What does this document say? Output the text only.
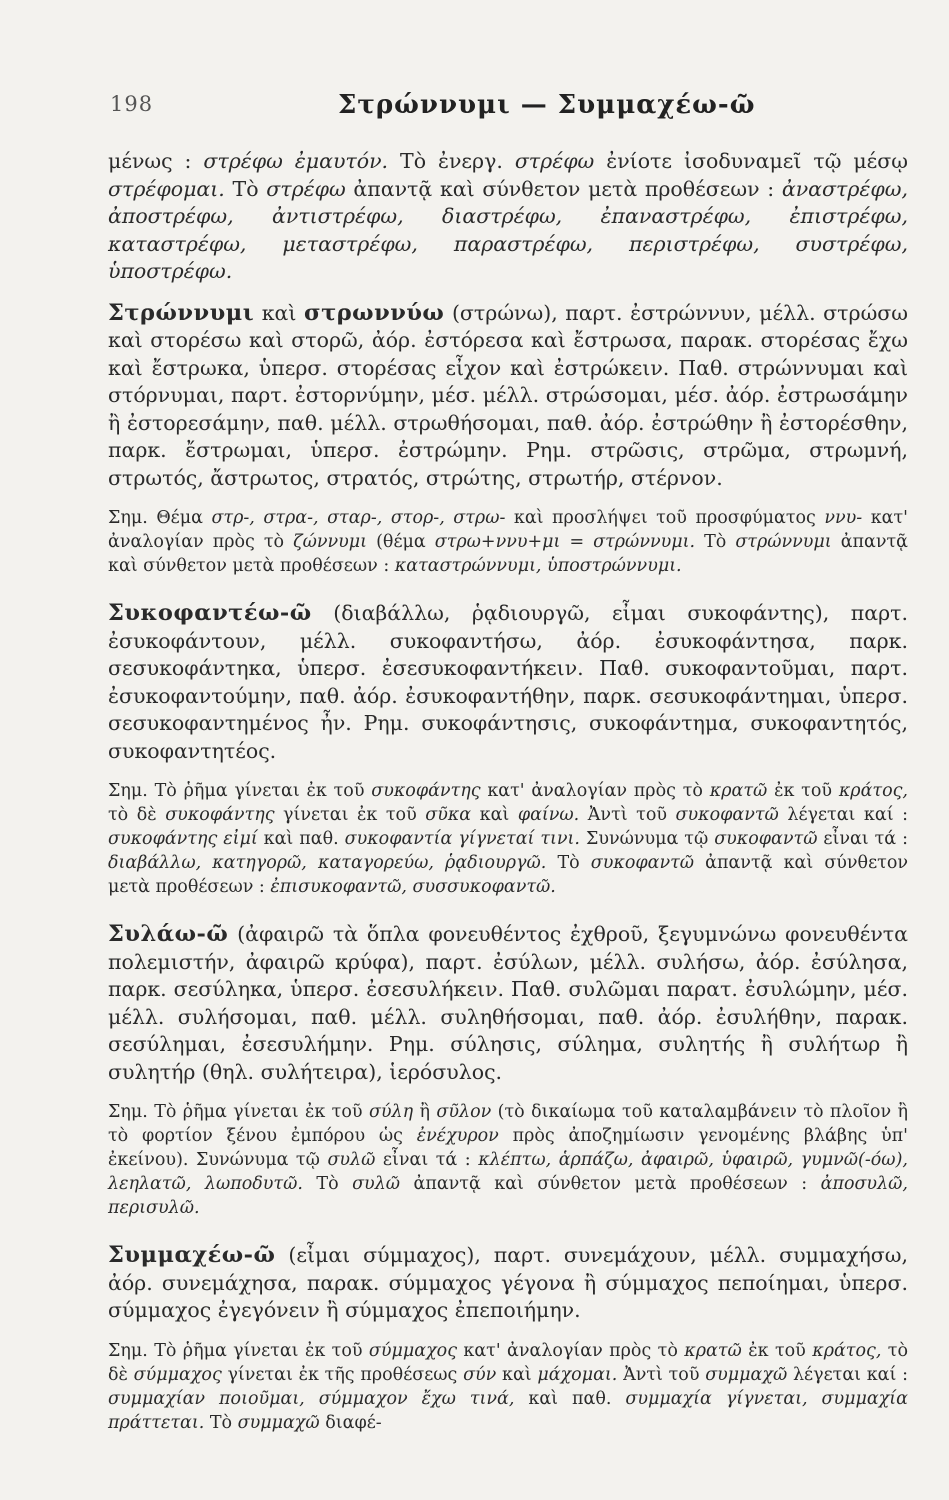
198	Στρώννυμι — Συμμαχέω-ῶ

μένως : στρέφω ἐμαυτόν. Τὸ ἐνεργ. στρέφω ἐνίοτε ἰσοδυναμεῖ τῷ μέσῳ στρέφομαι. Τὸ στρέφω ἀπαντᾷ καὶ σύνθετον μετὰ προθέσεων : ἀναστρέφω, ἀποστρέφω, ἀντιστρέφω, διαστρέφω, ἐπαναστρέφω, ἐπιστρέφω, καταστρέφω, μεταστρέφω, παραστρέφω, περιστρέφω, συστρέφω, ὑποστρέφω.

Στρώννυμι καὶ στρωννύω (στρώνω), παρτ. ἐστρώννυν, μέλλ. στρώσω καὶ στορέσω καὶ στορῶ, ἀόρ. ἐστόρεσα καὶ ἔστρωσα, παρακ. στορέσας ἔχω καὶ ἔστρωκα, ὑπερσ. στορέσας εἶχον καὶ ἐστρώκειν. Παθ. στρώννυμαι καὶ στόρνυμαι, παρτ. ἐστορνύμην, μέσ. μέλλ. στρώσομαι, μέσ. ἀόρ. ἐστρωσάμην ἢ ἐστορεσάμην, παθ. μέλλ. στρωθήσομαι, παθ. ἀόρ. ἐστρώθην ἢ ἐστορέσθην, παρκ. ἔστρωμαι, ὑπερσ. ἐστρώμην. Ρημ. στρῶσις, στρῶμα, στρωμνή, στρωτός, ἄστρωτος, στρατός, στρώτης, στρωτήρ, στέρνον.

Σημ. Θέμα στρ-, στρα-, σταρ-, στορ-, στρω- καὶ προσλήψει τοῦ προσφύματος ννυ- κατ' ἀναλογίαν πρὸς τὸ ζώννυμι (θέμα στρω+ννυ+μι = στρώννυμι. Τὸ στρώννυμι ἀπαντᾷ καὶ σύνθετον μετὰ προθέσεων : καταστρώννυμι, ὑποστρώννυμι.

Συκοφαντέω-ῶ (διαβάλλω, ῥᾳδιουργῶ, εἶμαι συκοφάντης), παρτ. ἐσυκοφάντουν, μέλλ. συκοφαντήσω, ἀόρ. ἐσυκοφάντησα, παρκ. σεσυκοφάντηκα, ὑπερσ. ἐσεσυκοφαντήκειν. Παθ. συκοφαντοῦμαι, παρτ. ἐσυκοφαντούμην, παθ. ἀόρ. ἐσυκοφαντήθην, παρκ. σεσυκοφάντημαι, ὑπερσ. σεσυκοφαντημένος ἦν. Ρημ. συκοφάντησις, συκοφάντημα, συκοφαντητός, συκοφαντητέος.

Σημ. Τὸ ῥῆμα γίνεται ἐκ τοῦ συκοφάντης κατ' ἀναλογίαν πρὸς τὸ κρατῶ ἐκ τοῦ κράτος, τὸ δὲ συκοφάντης γίνεται ἐκ τοῦ σῦκα καὶ φαίνω. Ἀντὶ τοῦ συκοφαντῶ λέγεται καί : συκοφάντης εἰμί καὶ παθ. συκοφαντία γίγνεταί τινι. Συνώνυμα τῷ συκοφαντῶ εἶναι τά : διαβάλλω, κατηγορῶ, καταγορεύω, ῥᾳδιουργῶ. Τὸ συκοφαντῶ ἀπαντᾷ καὶ σύνθετον μετὰ προθέσεων : ἐπισυκοφαντῶ, συσσυκοφαντῶ.

Συλάω-ῶ (ἀφαιρῶ τὰ ὅπλα φονευθέντος ἐχθροῦ, ξεγυμνώνω φονευθέντα πολεμιστήν, ἀφαιρῶ κρύφα), παρτ. ἐσύλων, μέλλ. συλήσω, ἀόρ. ἐσύλησα, παρκ. σεσύληκα, ὑπερσ. ἐσεσυλήκειν. Παθ. συλῶμαι παρατ. ἐσυλώμην, μέσ. μέλλ. συλήσομαι, παθ. μέλλ. συληθήσομαι, παθ. ἀόρ. ἐσυλήθην, παρακ. σεσύλημαι, ἐσεσυλήμην. Ρημ. σύλησις, σύλημα, συλητής ἢ συλήτωρ ἢ συλητήρ (θηλ. συλήτειρα), ἱερόσυλος.

Σημ. Τὸ ῥῆμα γίνεται ἐκ τοῦ σύλη ἢ σῦλον (τὸ δικαίωμα τοῦ καταλαμβάνειν τὸ πλοῖον ἢ τὸ φορτίον ξένου ἐμπόρου ὡς ἐνέχυρον πρὸς ἀποζημίωσιν γενομένης βλάβης ὑπ' ἐκείνου). Συνώνυμα τῷ συλῶ εἶναι τά : κλέπτω, ἁρπάζω, ἀφαιρῶ, ὑφαιρῶ, γυμνῶ(-όω), λεηλατῶ, λωποδυτῶ. Τὸ συλῶ ἀπαντᾷ καὶ σύνθετον μετὰ προθέσεων : ἀποσυλῶ, περισυλῶ.

Συμμαχέω-ῶ (εἶμαι σύμμαχος), παρτ. συνεμάχουν, μέλλ. συμμαχήσω, ἀόρ. συνεμάχησα, παρακ. σύμμαχος γέγονα ἢ σύμμαχος πεποίημαι, ὑπερσ. σύμμαχος ἐγεγόνειν ἢ σύμμαχος ἐπεποιήμην.

Σημ. Τὸ ῥῆμα γίνεται ἐκ τοῦ σύμμαχος κατ' ἀναλογίαν πρὸς τὸ κρατῶ ἐκ τοῦ κράτος, τὸ δὲ σύμμαχος γίνεται ἐκ τῆς προθέσεως σύν καὶ μάχομαι. Ἀντὶ τοῦ συμμαχῶ λέγεται καί : συμμαχίαν ποιοῦμαι, σύμμαχον ἔχω τινά, καὶ παθ. συμμαχία γίγνεται, συμμαχία πράττεται. Τὸ συμμαχῶ διαφέ-
